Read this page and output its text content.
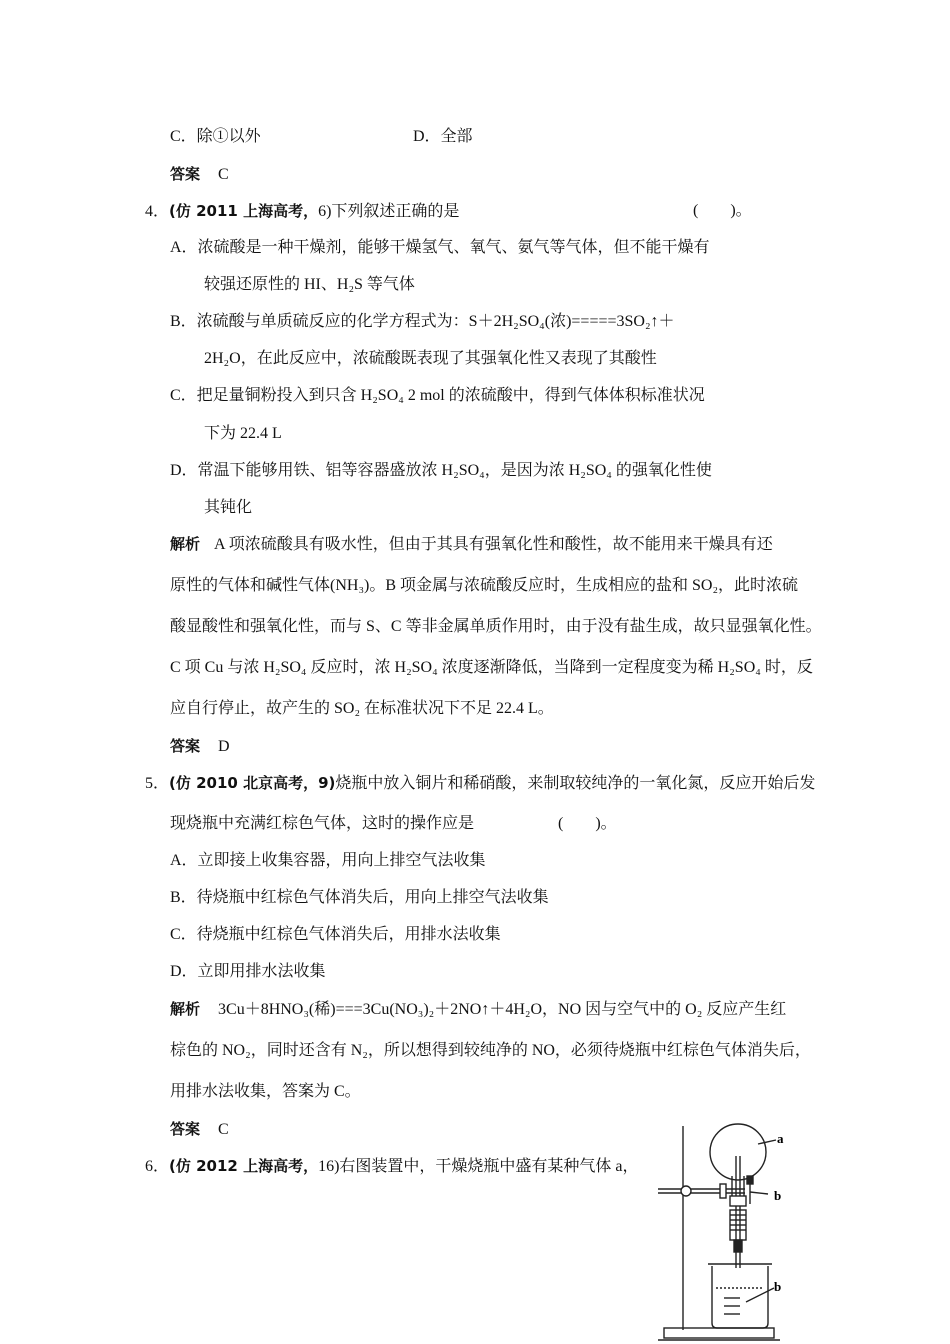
C．除①以外	D．全部
答案 C
4．(仿 2011 上海高考，6)下列叙述正确的是	(　　)。
A．浓硫酸是一种干燥剂，能够干燥氢气、氧气、氨气等气体，但不能干燥有
较强还原性的 HI、H₂S 等气体
B．浓硫酸与单质硫反应的化学方程式为：S＋2H₂SO₄(浓)=====3SO₂↑＋
2H₂O，在此反应中，浓硫酸既表现了其强氧化性又表现了其酸性
C．把足量铜粉投入到只含 H₂SO₄ 2 mol 的浓硫酸中，得到气体体积标准状况
下为 22.4 L
D．常温下能够用铁、铝等容器盛放浓 H₂SO₄，是因为浓 H₂SO₄ 的强氧化性使
其钝化
解析 A 项浓硫酸具有吸水性，但由于其具有强氧化性和酸性，故不能用来干燥具有还
原性的气体和碱性气体(NH₃)。B 项金属与浓硫酸反应时，生成相应的盐和 SO₂，此时浓硫
酸显酸性和强氧化性，而与 S、C 等非金属单质作用时，由于没有盐生成，故只显强氧化性。
C 项 Cu 与浓 H₂SO₄ 反应时，浓 H₂SO₄ 浓度逐渐降低，当降到一定程度变为稀 H₂SO₄ 时，反
应自行停止，故产生的 SO₂ 在标准状况下不足 22.4 L。
答案 D
5．(仿 2010 北京高考，9)烧瓶中放入铜片和稀硝酸，来制取较纯净的一氧化氮，反应开始后发
现烧瓶中充满红棕色气体，这时的操作应是	(　　)。
A．立即接上收集容器，用向上排空气法收集
B．待烧瓶中红棕色气体消失后，用向上排空气法收集
C．待烧瓶中红棕色气体消失后，用排水法收集
D．立即用排水法收集
解析 3Cu＋8HNO₃(稀)===3Cu(NO₃)₂＋2NO↑＋4H₂O，NO 因与空气中的 O₂ 反应产生红
棕色的 NO₂，同时还含有 N₂，所以想得到较纯净的 NO，必须待烧瓶中红棕色气体消失后，
用排水法收集，答案为 C。
答案 C
6．(仿 2012 上海高考，16)右图装置中，干燥烧瓶中盛有某种气体 a，
a
b
b
